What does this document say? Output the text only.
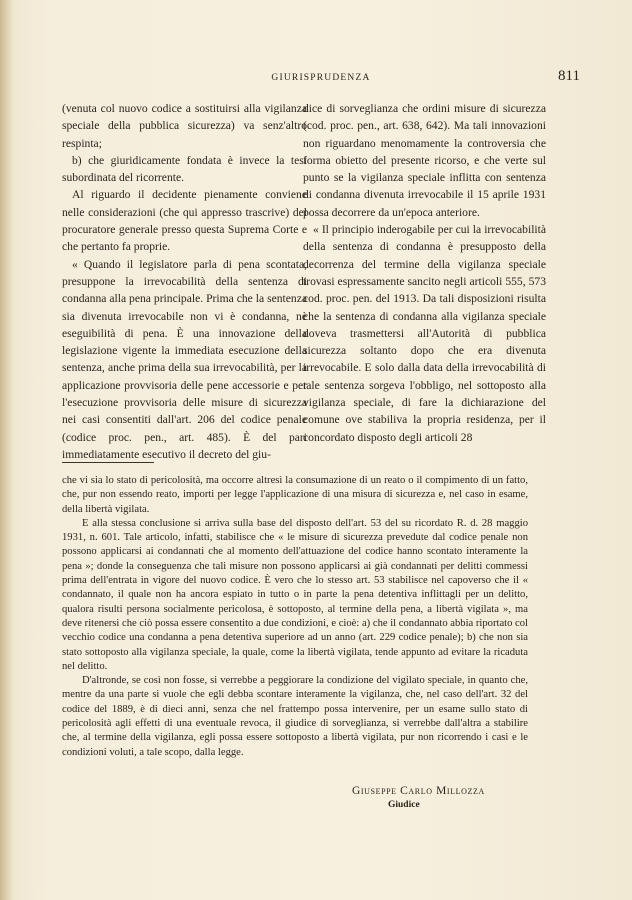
GIURISPRUDENZA	811

(venuta col nuovo codice a sostituirsi alla vigilanza speciale della pubblica sicurezza) va senz'altro respinta;

b) che giuridicamente fondata è invece la tesi subordinata del ricorrente.

Al riguardo il decidente pienamente conviene nelle considerazioni (che qui appresso trascrive) del procuratore generale presso questa Suprema Corte e che pertanto fa proprie.

« Quando il legislatore parla di pena scontata, presuppone la irrevocabilità della sentenza di condanna alla pena principale. Prima che la sentenza sia divenuta irrevocabile non vi è condanna, nè eseguibilità di pena. È una innovazione della legislazione vigente la immediata esecuzione della sentenza, anche prima della sua irrevocabilità, per la applicazione provvisoria delle pene accessorie e per l'esecuzione provvisoria delle misure di sicurezza nei casi consentiti dall'art. 206 del codice penale (codice proc. pen., art. 485). È del pari immediatamente esecutivo il decreto del giu-

dice di sorveglianza che ordini misure di sicurezza (cod. proc. pen., art. 638, 642). Ma tali innovazioni non riguardano menomamente la controversia che forma obietto del presente ricorso, e che verte sul punto se la vigilanza speciale inflitta con sentenza di condanna divenuta irrevocabile il 15 aprile 1931 possa decorrere da un'epoca anteriore.

« Il principio inderogabile per cui la irrevocabilità della sentenza di condanna è presupposto della decorrenza del termine della vigilanza speciale trovasi espressamente sancito negli articoli 555, 573 cod. proc. pen. del 1913. Da tali disposizioni risulta che la sentenza di condanna alla vigilanza speciale doveva trasmettersi all'Autorità di pubblica sicurezza soltanto dopo che era divenuta irrevocabile. E solo dalla data della irrevocabilità di tale sentenza sorgeva l'obbligo, nel sottoposto alla vigilanza speciale, di fare la dichiarazione del comune ove stabiliva la propria residenza, per il concordato disposto degli articoli 28

che vi sia lo stato di pericolosità, ma occorre altresì la consumazione di un reato o il compimento di un fatto, che, pur non essendo reato, importi per legge l'applicazione di una misura di sicurezza e, nel caso in esame, della libertà vigilata.

E alla stessa conclusione si arriva sulla base del disposto dell'art. 53 del su ricordato R. d. 28 maggio 1931, n. 601. Tale articolo, infatti, stabilisce che « le misure di sicurezza prevedute dal codice penale non possono applicarsi ai condannati che al momento dell'attuazione del codice hanno scontato interamente la pena »; donde la conseguenza che tali misure non possono applicarsi ai già condannati per delitti commessi prima dell'entrata in vigore del nuovo codice. È vero che lo stesso art. 53 stabilisce nel capoverso che il « condannato, il quale non ha ancora espiato in tutto o in parte la pena detentiva inflittagli per un delitto, qualora risulti persona socialmente pericolosa, è sottoposto, al termine della pena, a libertà vigilata », ma deve ritenersi che ciò possa essere consentito a due condizioni, e cioè: a) che il condannato abbia riportato col vecchio codice una condanna a pena detentiva superiore ad un anno (art. 229 codice penale); b) che non sia stato sottoposto alla vigilanza speciale, la quale, come la libertà vigilata, tende appunto ad evitare la ricaduta nel delitto.

D'altronde, se così non fosse, si verrebbe a peggiorare la condizione del vigilato speciale, in quanto che, mentre da una parte si vuole che egli debba scontare interamente la vigilanza, che, nel caso dell'art. 32 del codice del 1889, è di dieci anni, senza che nel frattempo possa intervenire, per un esame sullo stato di pericolosità agli effetti di una eventuale revoca, il giudice di sorveglianza, si verrebbe dall'altra a stabilire che, al termine della vigilanza, egli possa essere sottoposto a libertà vigilata, pur non ricorrendo i casi e le condizioni voluti, a tale scopo, dalla legge.

Giuseppe Carlo Millozza
Giudice
